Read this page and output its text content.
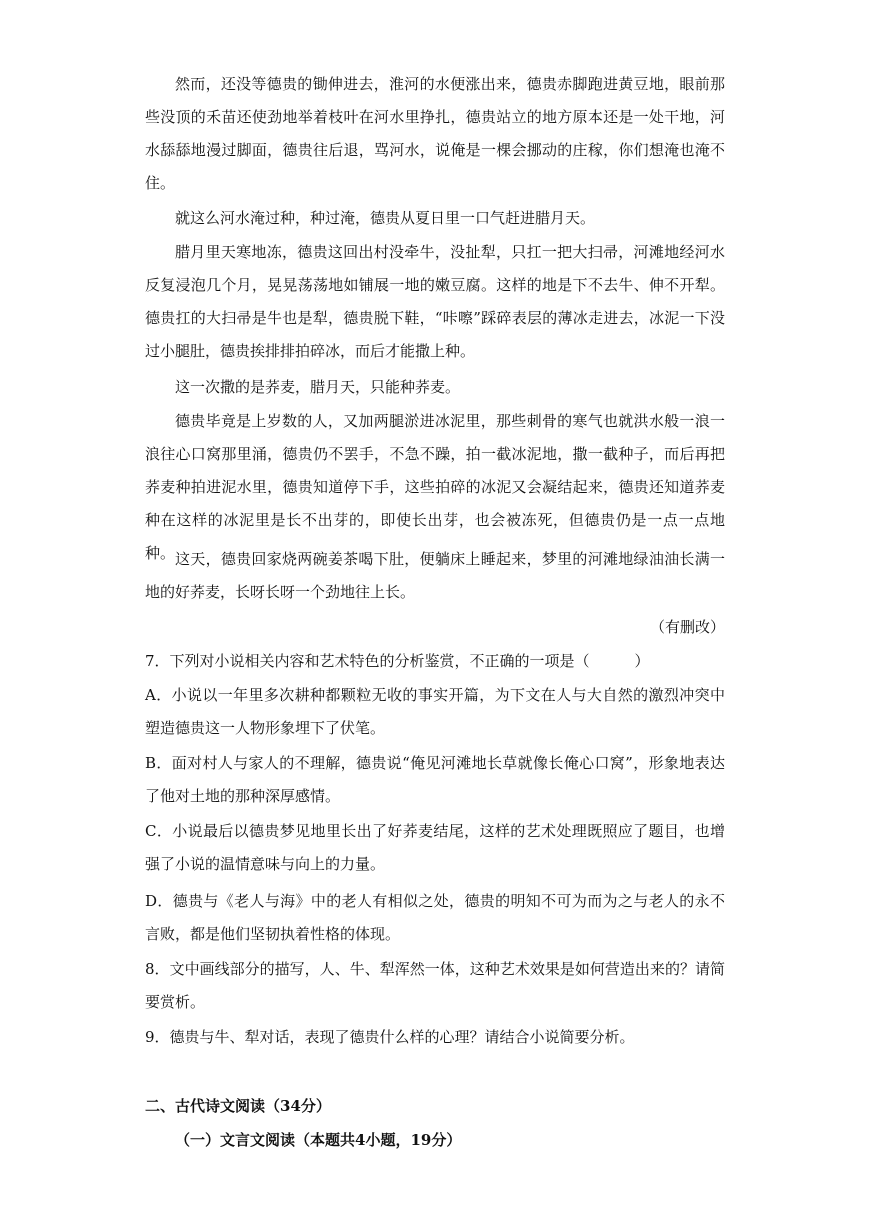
然而，还没等德贵的锄伸进去，淮河的水便涨出来，德贵赤脚跑进黄豆地，眼前那些没顶的禾苗还使劲地举着枝叶在河水里挣扎，德贵站立的地方原本还是一处干地，河水舔舔地漫过脚面，德贵往后退，骂河水，说俺是一棵会挪动的庄稼，你们想淹也淹不住。

就这么河水淹过种，种过淹，德贵从夏日里一口气赶进腊月天。

腊月里天寒地冻，德贵这回出村没牵牛，没扯犁，只扛一把大扫帚，河滩地经河水反复浸泡几个月，晃晃荡荡地如铺展一地的嫩豆腐。这样的地是下不去牛、伸不开犁。德贵扛的大扫帚是牛也是犁，德贵脱下鞋，“咔嚓”踩碎表层的薄冰走进去，冰泥一下没过小腿肚，德贵挨排排拍碎冰，而后才能撒上种。

这一次撒的是荞麦，腊月天，只能种荞麦。

德贵毕竟是上岁数的人，又加两腿淤进冰泥里，那些刺骨的寒气也就洪水般一浪一浪往心口窝那里涌，德贵仍不罢手，不急不躁，拍一截冰泥地，撒一截种子，而后再把荞麦种拍进泥水里，德贵知道停下手，这些拍碎的冰泥又会凝结起来，德贵还知道荞麦种在这样的冰泥里是长不出芽的，即使长出芽，也会被冻死，但德贵仍是一点一点地种。 这天，德贵回家烧两碗姜茶喝下肚，便躺床上睡起来，梦里的河滩地绿油油长满一地的好荞麦，长呀长呀一个劲地往上长。

（有删改）

7．下列对小说相关内容和艺术特色的分析鉴赏，不正确的一项是（　　　）

A．小说以一年里多次耕种都颗粒无收的事实开篇，为下文在人与大自然的激烈冲突中塑造德贵这一人物形象埋下了伏笔。

B．面对村人与家人的不理解，德贵说“俺见河滩地长草就像长俺心口窝”，形象地表达了他对土地的那种深厚感情。

C．小说最后以德贵梦见地里长出了好荞麦结尾，这样的艺术处理既照应了题目，也增强了小说的温情意味与向上的力量。

D．德贵与《老人与海》中的老人有相似之处，德贵的明知不可为而为之与老人的永不言败，都是他们坚韧执着性格的体现。

8．文中画线部分的描写，人、牛、犁浑然一体，这种艺术效果是如何营造出来的？请简要赏析。

9．德贵与牛、犁对话，表现了德贵什么样的心理？请结合小说简要分析。

二、古代诗文阅读（34分）

（一）文言文阅读（本题共4小题，19分）
